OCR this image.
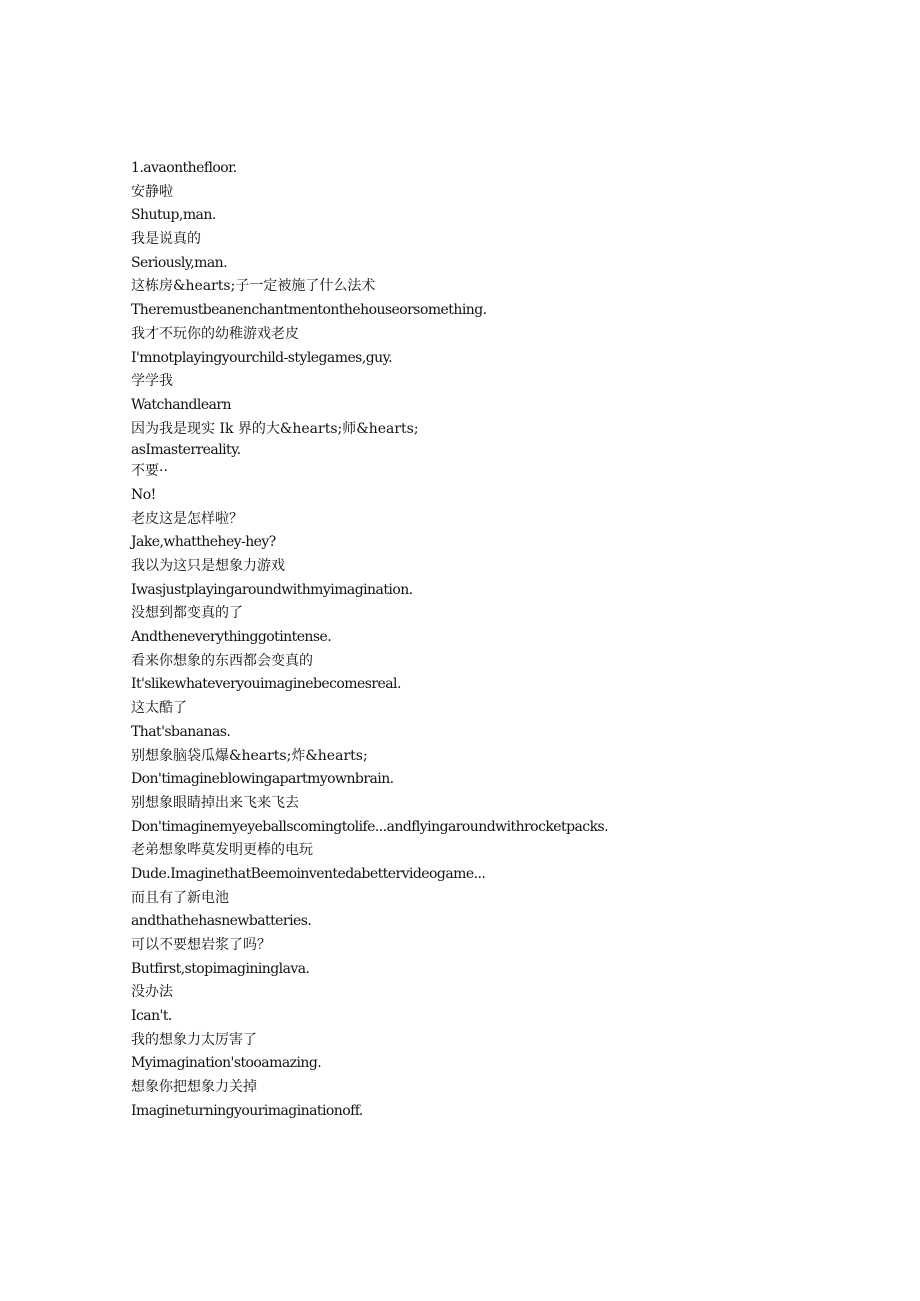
1.avaonthefloor.
安静啦
Shutup,man.
我是说真的
Seriously,man.
这栋房&hearts;子一定被施了什么法术
Theremustbeanenchantmentonthehouseorsomething.
我才不玩你的幼稚游戏老皮
I'mnotplayingyourchild-stylegames,guy.
学学我
Watchandlearn
因为我是现实 Ik 界的大&hearts;师&hearts;
asImasterreality.
不要··
No!
老皮这是怎样啦？
Jake,whatthehey-hey?
我以为这只是想象力游戏
Iwasjustplayingaroundwithmyimagination.
没想到都变真的了
Andtheneverythinggotintense.
看来你想象的东西都会变真的
It'slikewhateveryouimaginebecomesreal.
这太酷了
That'sbananas.
别想象脑袋瓜爆&hearts;炸&hearts;
Don'timagineblowingapartmyownbrain.
别想象眼睛掉出来飞来飞去
Don'timaginemyeyeballscomingtolife...andflyingaroundwithrocketpacks.
老弟想象哔莫发明更棒的电玩
Dude.ImaginethatBeemoinventedabettervideogame...
而且有了新电池
andthathehasnewbatteries.
可以不要想岩浆了吗？
Butfirst,stopimagininglava.
没办法
Ican't.
我的想象力太厉害了
Myimagination'stooamazing.
想象你把想象力关掉
Imagineturningyourimaginationoff.
